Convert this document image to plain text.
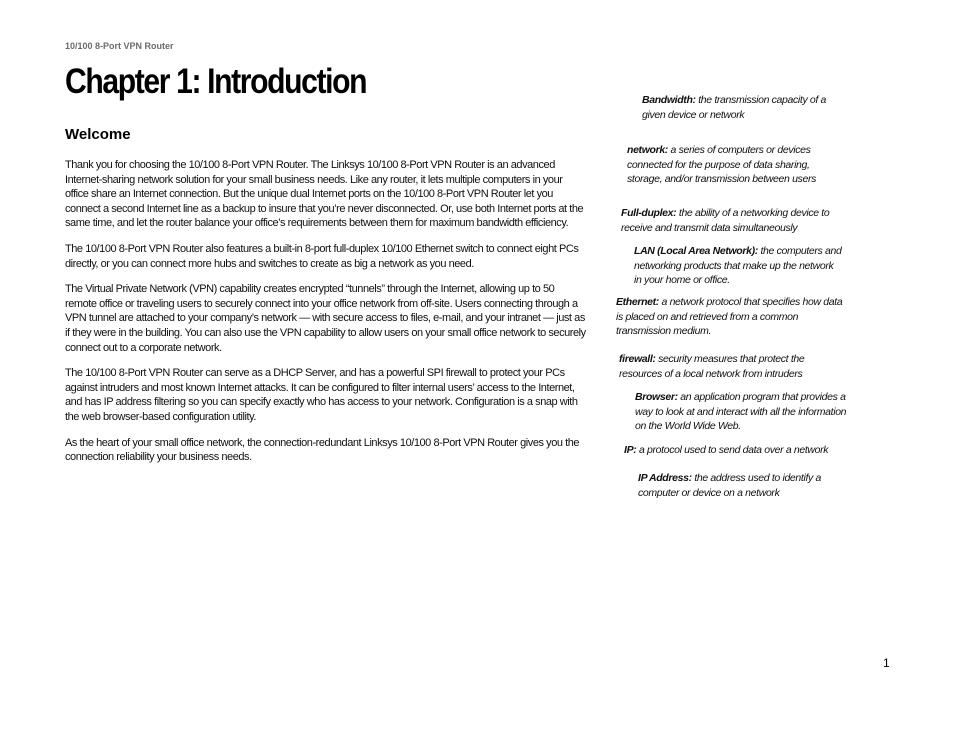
10/100 8-Port VPN Router
Chapter 1: Introduction
Welcome

Thank you for choosing the 10/100 8-Port VPN Router. The Linksys 10/100 8-Port VPN Router is an advanced Internet-sharing network solution for your small business needs. Like any router, it lets multiple computers in your office share an Internet connection. But the unique dual Internet ports on the 10/100 8-Port VPN Router let you connect a second Internet line as a backup to insure that you’re never disconnected. Or, use both Internet ports at the same time, and let the router balance your office’s requirements between them for maximum bandwidth efficiency.

The 10/100 8-Port VPN Router also features a built-in 8-port full-duplex 10/100 Ethernet switch to connect eight PCs directly, or you can connect more hubs and switches to create as big a network as you need.

The Virtual Private Network (VPN) capability creates encrypted “tunnels” through the Internet, allowing up to 50 remote office or traveling users to securely connect into your office network from off-site. Users connecting through a VPN tunnel are attached to your company’s network — with secure access to files, e-mail, and your intranet — just as if they were in the building. You can also use the VPN capability to allow users on your small office network to securely connect out to a corporate network.

The 10/100 8-Port VPN Router can serve as a DHCP Server, and has a powerful SPI firewall to protect your PCs against intruders and most known Internet attacks. It can be configured to filter internal users’ access to the Internet, and has IP address filtering so you can specify exactly who has access to your network. Configuration is a snap with the web browser-based configuration utility.

As the heart of your small office network, the connection-redundant Linksys 10/100 8-Port VPN Router gives you the connection reliability your business needs.

Bandwidth: the transmission capacity of a given device or network
network: a series of computers or devices connected for the purpose of data sharing, storage, and/or transmission between users
Full-duplex: the ability of a networking device to receive and transmit data simultaneously
LAN (Local Area Network): the computers and networking products that make up the network in your home or office.
Ethernet: a network protocol that specifies how data is placed on and retrieved from a common transmission medium.
firewall: security measures that protect the resources of a local network from intruders
Browser: an application program that provides a way to look at and interact with all the information on the World Wide Web.
IP: a protocol used to send data over a network
IP Address: the address used to identify a computer or device on a network
1
